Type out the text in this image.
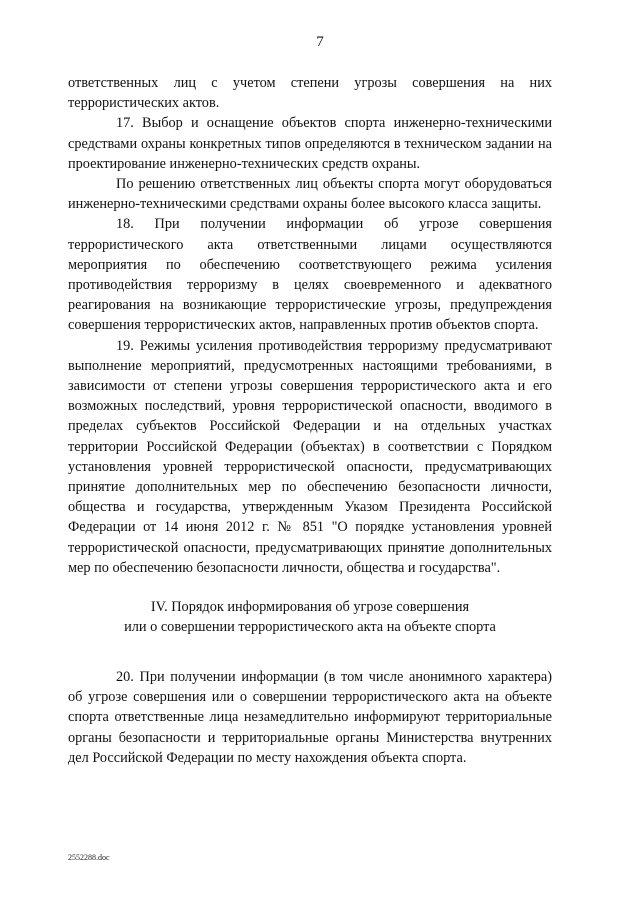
7

ответственных лиц с учетом степени угрозы совершения на них террористических актов.

17. Выбор и оснащение объектов спорта инженерно-техническими средствами охраны конкретных типов определяются в техническом задании на проектирование инженерно-технических средств охраны.

По решению ответственных лиц объекты спорта могут оборудоваться инженерно-техническими средствами охраны более высокого класса защиты.

18. При получении информации об угрозе совершения террористического акта ответственными лицами осуществляются мероприятия по обеспечению соответствующего режима усиления противодействия терроризму в целях своевременного и адекватного реагирования на возникающие террористические угрозы, предупреждения совершения террористических актов, направленных против объектов спорта.

19. Режимы усиления противодействия терроризму предусматривают выполнение мероприятий, предусмотренных настоящими требованиями, в зависимости от степени угрозы совершения террористического акта и его возможных последствий, уровня террористической опасности, вводимого в пределах субъектов Российской Федерации и на отдельных участках территории Российской Федерации (объектах) в соответствии с Порядком установления уровней террористической опасности, предусматривающих принятие дополнительных мер по обеспечению безопасности личности, общества и государства, утвержденным Указом Президента Российской Федерации от 14 июня 2012 г. № 851 "О порядке установления уровней террористической опасности, предусматривающих принятие дополнительных мер по обеспечению безопасности личности, общества и государства".

IV. Порядок информирования об угрозе совершения
или о совершении террористического акта на объекте спорта

20. При получении информации (в том числе анонимного характера) об угрозе совершения или о совершении террористического акта на объекте спорта ответственные лица незамедлительно информируют территориальные органы безопасности и территориальные органы Министерства внутренних дел Российской Федерации по месту нахождения объекта спорта.

2552288.doc
